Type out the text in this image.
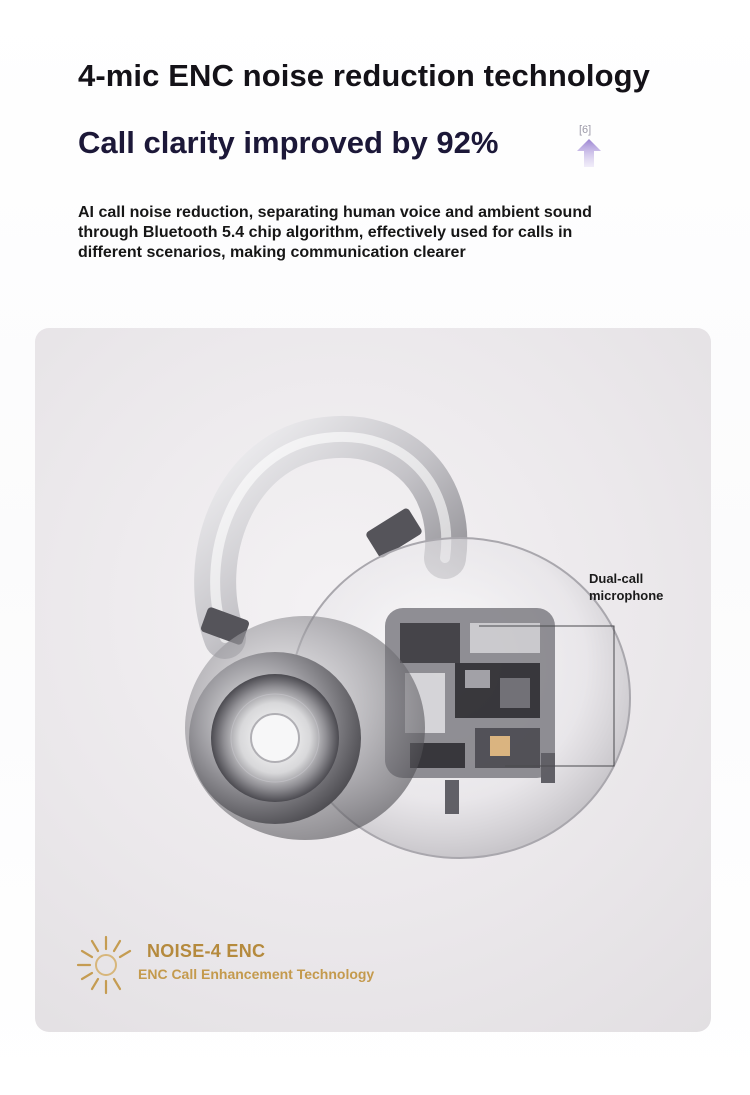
4-mic ENC noise reduction technology
Call clarity improved by 92%	[6]

AI call noise reduction, separating human voice and ambient sound through Bluetooth 5.4 chip algorithm, effectively used for calls in different scenarios, making communication clearer

Dual-call microphone

NOISE-4 ENC

ENC Call Enhancement Technology
